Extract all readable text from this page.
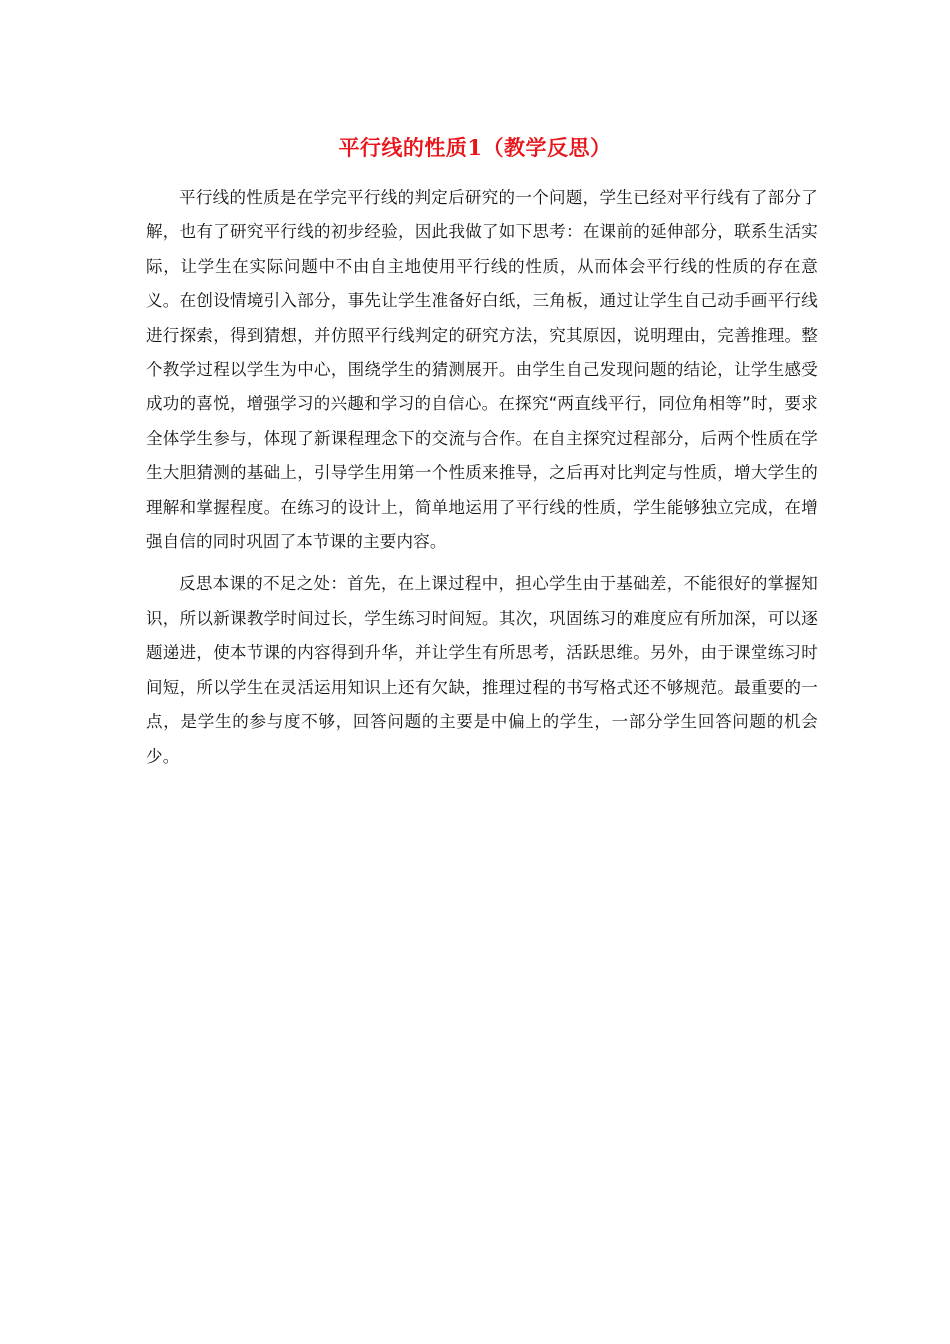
平行线的性质1（教学反思）

平行线的性质是在学完平行线的判定后研究的一个问题，学生已经对平行线有了部分了解，也有了研究平行线的初步经验，因此我做了如下思考：在课前的延伸部分，联系生活实际，让学生在实际问题中不由自主地使用平行线的性质，从而体会平行线的性质的存在意义。在创设情境引入部分，事先让学生准备好白纸，三角板，通过让学生自己动手画平行线进行探索，得到猜想，并仿照平行线判定的研究方法，究其原因，说明理由，完善推理。整个教学过程以学生为中心，围绕学生的猜测展开。由学生自己发现问题的结论，让学生感受成功的喜悦，增强学习的兴趣和学习的自信心。在探究“两直线平行，同位角相等”时，要求全体学生参与，体现了新课程理念下的交流与合作。在自主探究过程部分，后两个性质在学生大胆猜测的基础上，引导学生用第一个性质来推导，之后再对比判定与性质，增大学生的理解和掌握程度。在练习的设计上，简单地运用了平行线的性质，学生能够独立完成，在增强自信的同时巩固了本节课的主要内容。

反思本课的不足之处：首先，在上课过程中，担心学生由于基础差，不能很好的掌握知识，所以新课教学时间过长，学生练习时间短。其次，巩固练习的难度应有所加深，可以逐题递进，使本节课的内容得到升华，并让学生有所思考，活跃思维。另外，由于课堂练习时间短，所以学生在灵活运用知识上还有欠缺，推理过程的书写格式还不够规范。最重要的一点，是学生的参与度不够，回答问题的主要是中偏上的学生，一部分学生回答问题的机会少。
